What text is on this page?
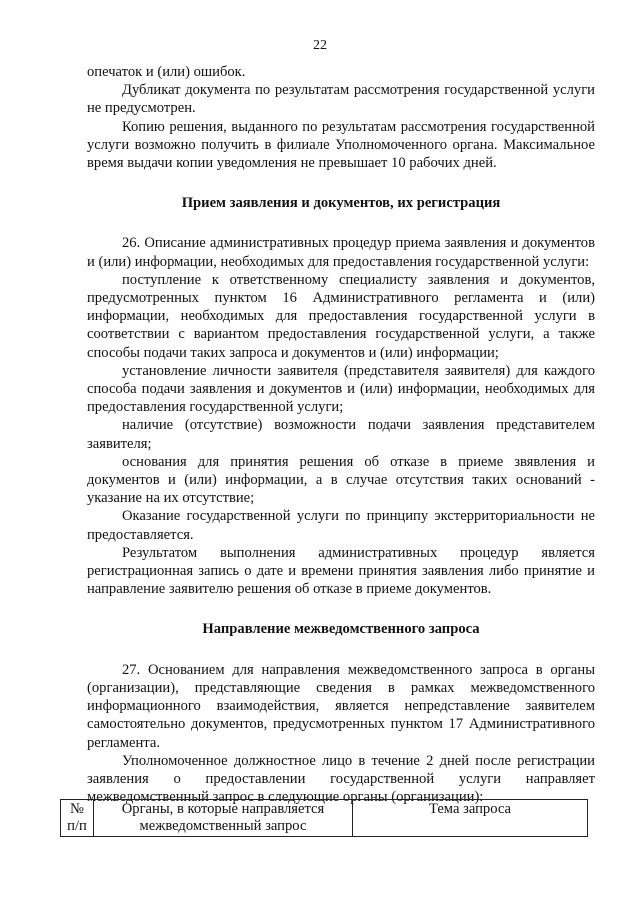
22

опечаток и (или) ошибок.

Дубликат документа по результатам рассмотрения государственной услуги не предусмотрен.

Копию решения, выданного по результатам рассмотрения государственной услуги возможно получить в филиале Уполномоченного органа. Максимальное время выдачи копии уведомления не превышает 10 рабочих дней.

Прием заявления и документов, их регистрация

26. Описание административных процедур приема заявления и документов и (или) информации, необходимых для предоставления государственной услуги:

поступление к ответственному специалисту заявления и документов, предусмотренных пунктом 16 Административного регламента и (или) информации, необходимых для предоставления государственной услуги в соответствии с вариантом предоставления государственной услуги, а также способы подачи таких запроса и документов и (или) информации;

установление личности заявителя (представителя заявителя) для каждого способа подачи заявления и документов и (или) информации, необходимых для предоставления государственной услуги;

наличие (отсутствие) возможности подачи заявления представителем заявителя;

основания для принятия решения об отказе в приеме звявления и документов и (или) информации, а в случае отсутствия таких оснований - указание на их отсутствие;

Оказание государственной услуги по принципу экстерриториальности не предоставляется.

Результатом выполнения административных процедур является регистрационная запись о дате и времени принятия заявления либо принятие и направление заявителю решения об отказе в приеме документов.

Направление межведомственного запроса

27. Основанием для направления межведомственного запроса в органы (организации), представляющие сведения в рамках межведомственного информационного взаимодействия, является непредставление заявителем самостоятельно документов, предусмотренных пунктом 17 Административного регламента.

Уполномоченное должностное лицо в течение 2 дней после регистрации заявления о предоставлении государственной услуги направляет межведомственный запрос в следующие органы (организации):

№ п/п	Органы, в которые направляется межведомственный запрос	Тема запроса
